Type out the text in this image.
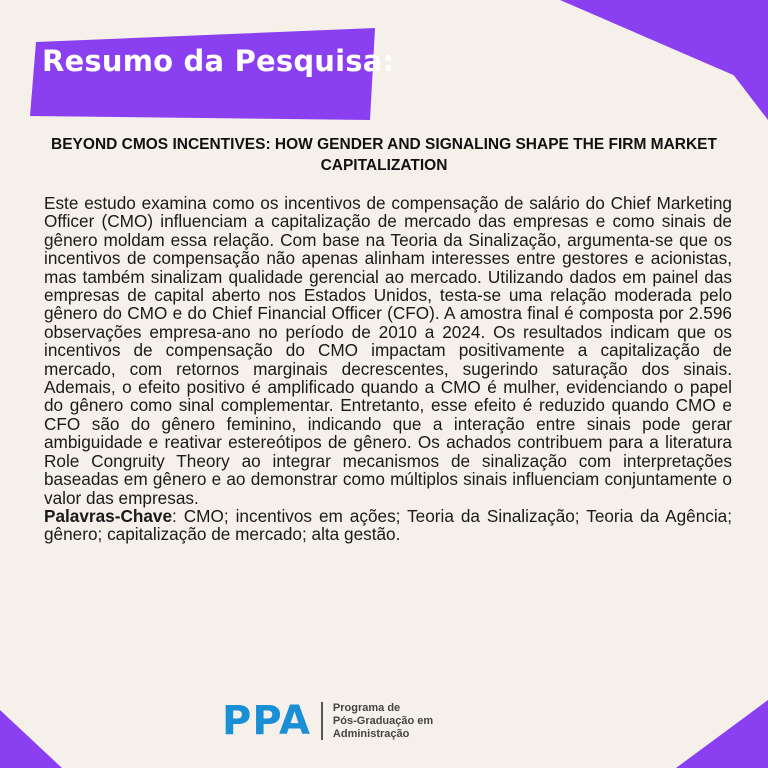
Resumo da Pesquisa:
BEYOND CMOS INCENTIVES: HOW GENDER AND SIGNALING SHAPE THE FIRM MARKET CAPITALIZATION

Este estudo examina como os incentivos de compensação de salário do Chief Marketing Officer (CMO) influenciam a capitalização de mercado das empresas e como sinais de gênero moldam essa relação. Com base na Teoria da Sinalização, argumenta-se que os incentivos de compensação não apenas alinham interesses entre gestores e acionistas, mas também sinalizam qualidade gerencial ao mercado. Utilizando dados em painel das empresas de capital aberto nos Estados Unidos, testa-se uma relação moderada pelo gênero do CMO e do Chief Financial Officer (CFO). A amostra final é composta por 2.596 observações empresa-ano no período de 2010 a 2024. Os resultados indicam que os incentivos de compensação do CMO impactam positivamente a capitalização de mercado, com retornos marginais decrescentes, sugerindo saturação dos sinais. Ademais, o efeito positivo é amplificado quando a CMO é mulher, evidenciando o papel do gênero como sinal complementar. Entretanto, esse efeito é reduzido quando CMO e CFO são do gênero feminino, indicando que a interação entre sinais pode gerar ambiguidade e reativar estereótipos de gênero. Os achados contribuem para a literatura Role Congruity Theory ao integrar mecanismos de sinalização com interpretações baseadas em gênero e ao demonstrar como múltiplos sinais influenciam conjuntamente o valor das empresas.

Palavras-Chave: CMO; incentivos em ações; Teoria da Sinalização; Teoria da Agência; gênero; capitalização de mercado; alta gestão.

PPA Programa de
Pós-Graduação em
Administração
